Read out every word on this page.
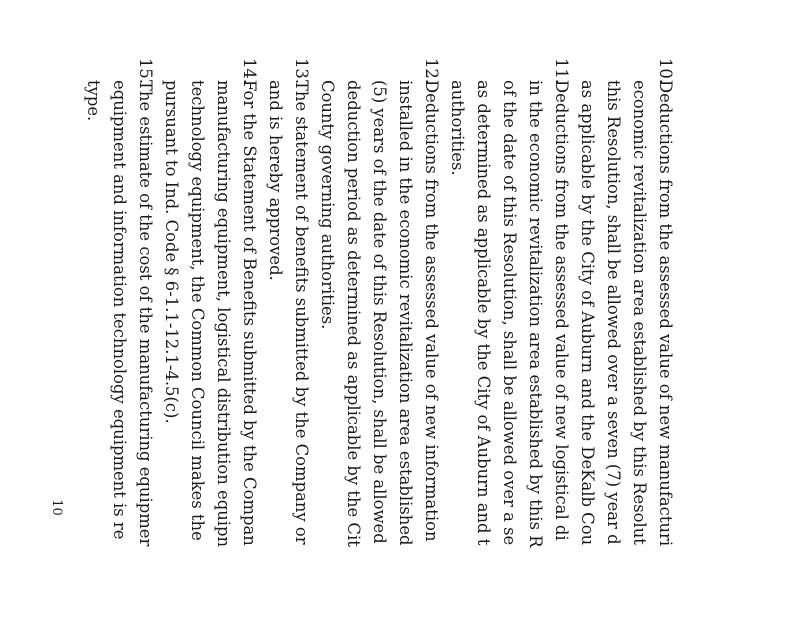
10.
Deductions from the assessed value of new manufacturi
economic revitalization area established by this Resolut
this Resolution, shall be allowed over a seven (7) year d
as applicable by the City of Auburn and the DeKalb Cou
11.
Deductions from the assessed value of new logistical di
in the economic revitalization area established by this R
of the date of this Resolution, shall be allowed over a se
as determined as applicable by the City of Auburn and t
authorities.
12.
Deductions from the assessed value of new information
installed in the economic revitalization area established
(5) years of the date of this Resolution, shall be allowed
deduction period as determined as applicable by the Cit
County governing authorities.
13.
The statement of benefits submitted by the Company or
and is hereby approved.
14.
For the Statement of Benefits submitted by the Compan
manufacturing equipment, logistical distribution equipn
technology equipment, the Common Council makes the
pursuant to Ind. Code § 6-1.1-12.1-4.5(c).
15.
The estimate of the cost of the manufacturing equipmer
equipment and information technology equipment is re
type.
10
